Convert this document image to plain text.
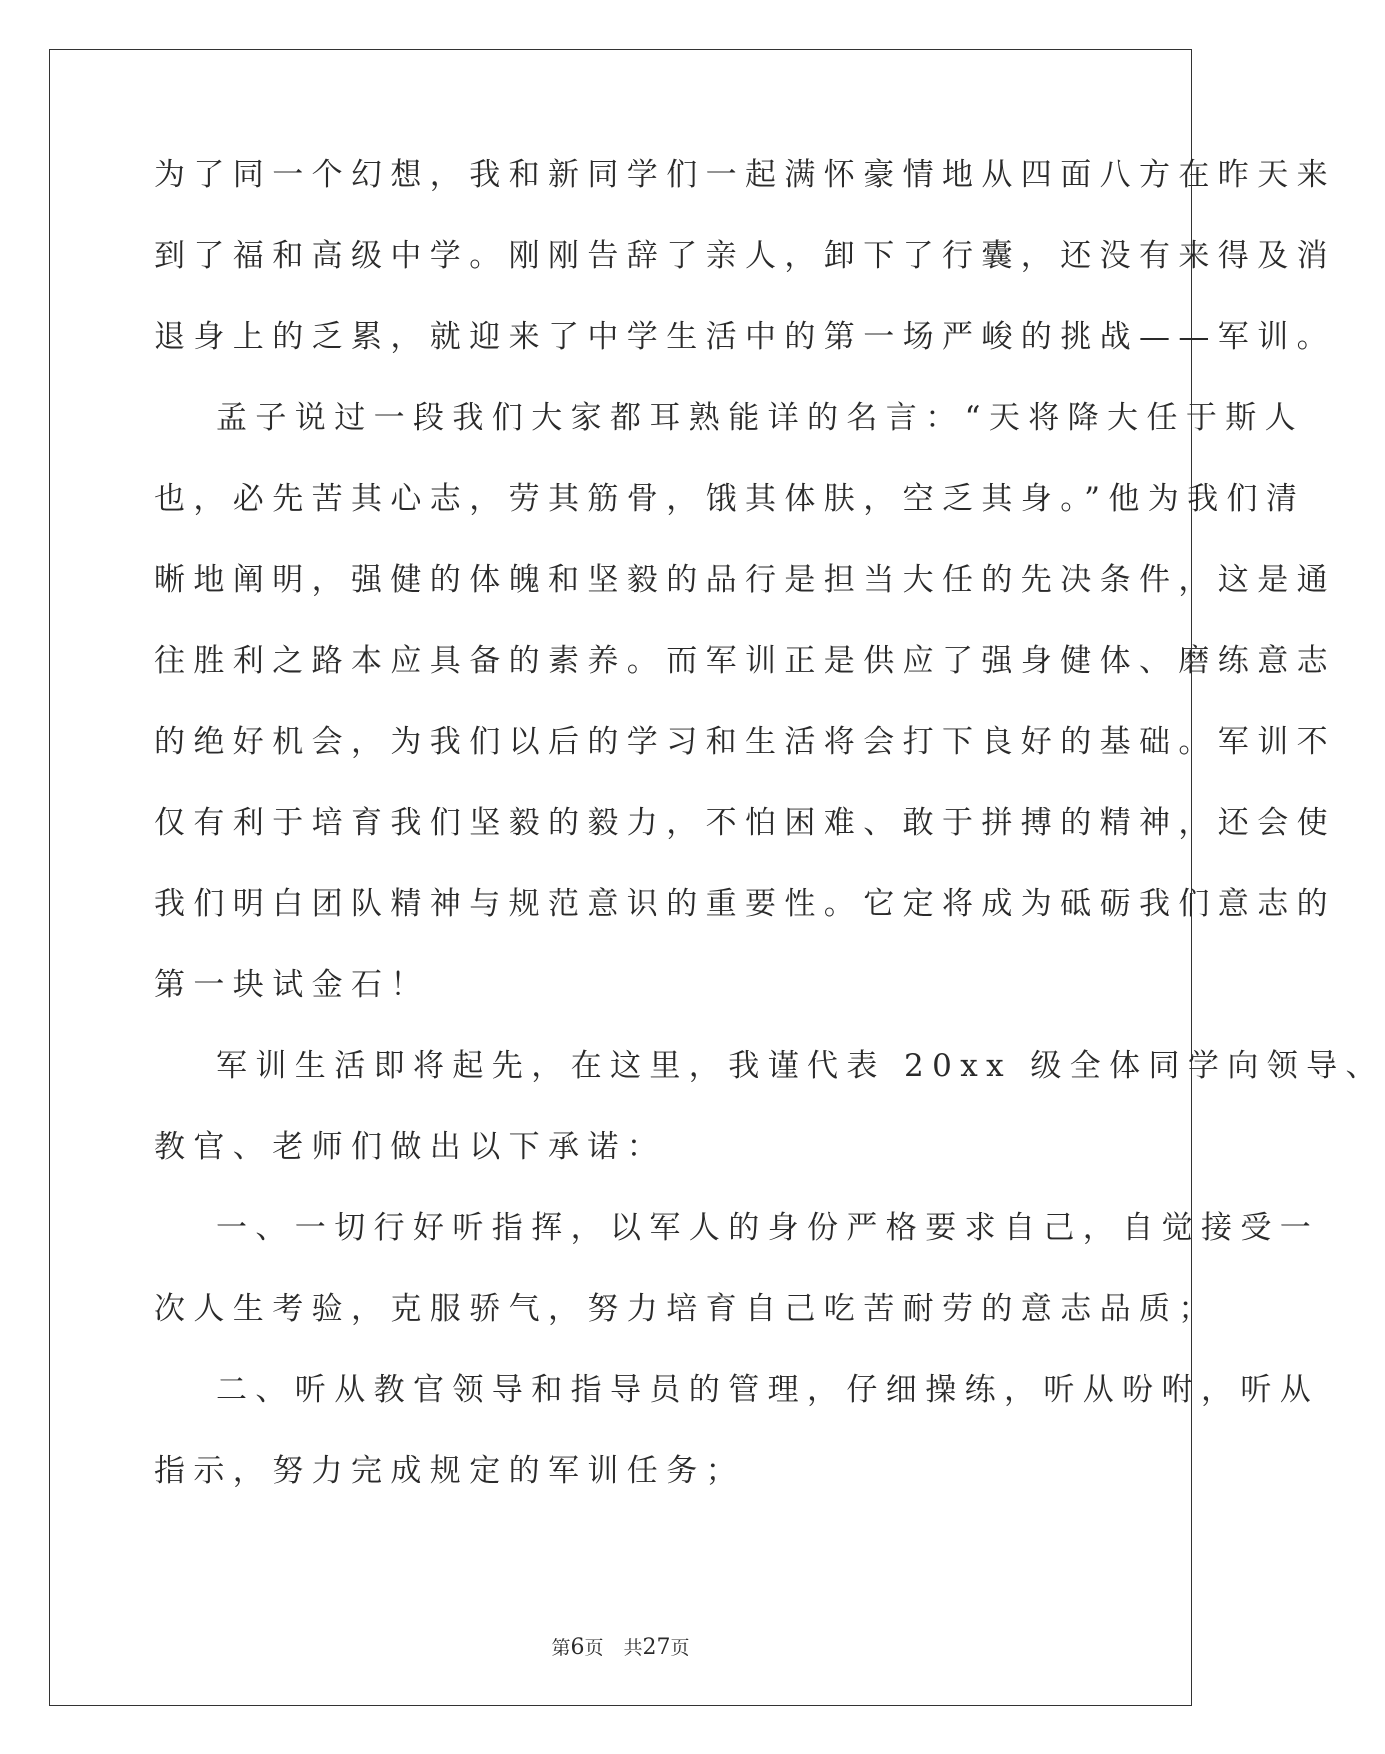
为了同一个幻想，我和新同学们一起满怀豪情地从四面八方在昨天来
到了福和高级中学。刚刚告辞了亲人，卸下了行囊，还没有来得及消
退身上的乏累，就迎来了中学生活中的第一场严峻的挑战——军训。
孟子说过一段我们大家都耳熟能详的名言：“天将降大任于斯人
也，必先苦其心志，劳其筋骨，饿其体肤，空乏其身。”他为我们清
晰地阐明，强健的体魄和坚毅的品行是担当大任的先决条件，这是通
往胜利之路本应具备的素养。而军训正是供应了强身健体、磨练意志
的绝好机会，为我们以后的学习和生活将会打下良好的基础。军训不
仅有利于培育我们坚毅的毅力，不怕困难、敢于拼搏的精神，还会使
我们明白团队精神与规范意识的重要性。它定将成为砥砺我们意志的
第一块试金石！
军训生活即将起先，在这里，我谨代表 20xx 级全体同学向领导、
教官、老师们做出以下承诺：
一、一切行好听指挥，以军人的身份严格要求自己，自觉接受一
次人生考验，克服骄气，努力培育自己吃苦耐劳的意志品质；
二、听从教官领导和指导员的管理，仔细操练，听从吩咐，听从
指示，努力完成规定的军训任务；
第6页 共27页
